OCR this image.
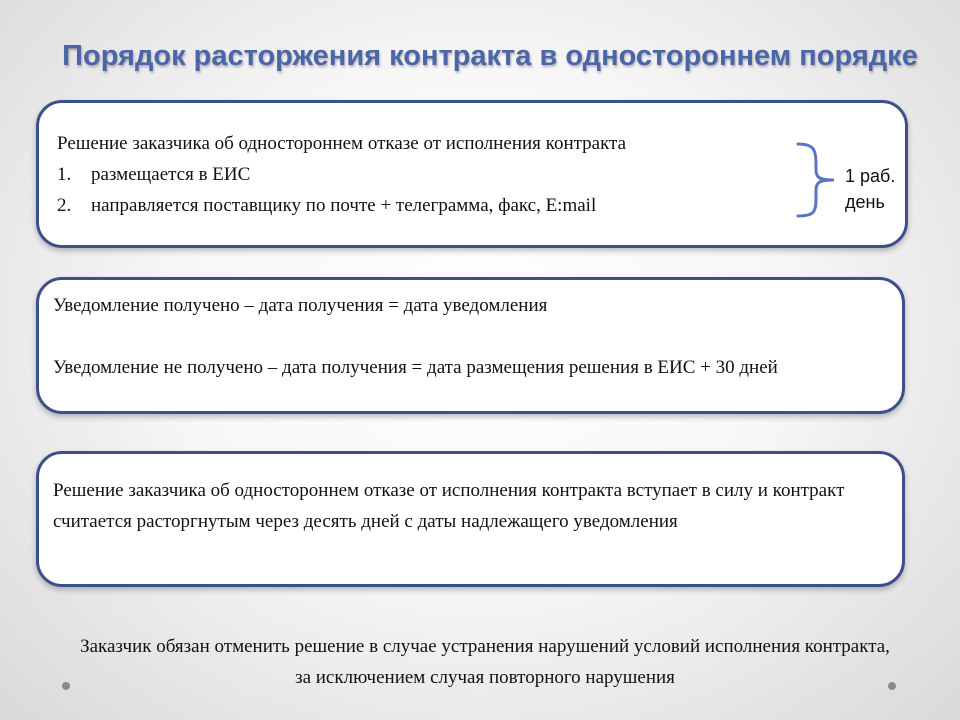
Порядок расторжения контракта в одностороннем порядке
Решение заказчика об одностороннем отказе от исполнения контракта
1.	размещается в ЕИС
2.	направляется поставщику по почте + телеграмма, факс, E:mail
1 раб.
день
Уведомление получено – дата получения = дата уведомления
Уведомление не получено – дата получения = дата размещения решения в ЕИС + 30 дней
Решение заказчика об одностороннем отказе от исполнения контракта вступает в силу и контракт считается расторгнутым через десять дней с даты надлежащего уведомления
Заказчик обязан отменить решение в случае устранения нарушений условий исполнения контракта, за исключением случая повторного нарушения
